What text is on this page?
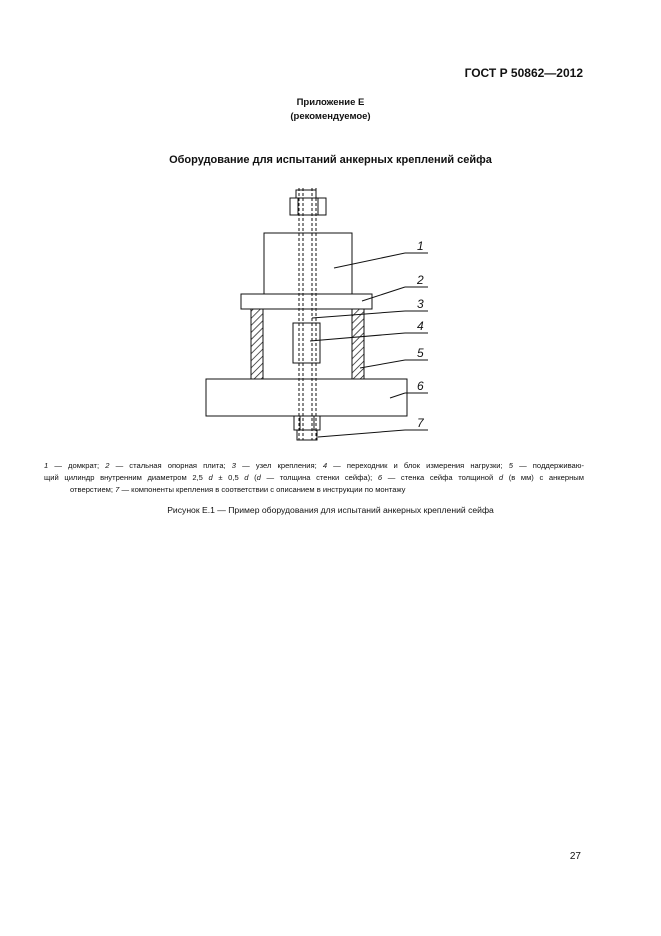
ГОСТ Р 50862—2012
Приложение Е
(рекомендуемое)
Оборудование для испытаний анкерных креплений сейфа
1
2
3
4
5
6
7
1 — домкрат; 2 — стальная опорная плита; 3 — узел крепления; 4 — переходник и блок измерения нагрузки; 5 — поддерживаю-
щий цилиндр внутренним диаметром 2,5 d ± 0,5 d (d — толщина стенки сейфа); 6 — стенка сейфа толщиной d (в мм) с анкерным
отверстием; 7 — компоненты крепления в соответствии с описанием в инструкции по монтажу
Рисунок Е.1 — Пример оборудования для испытаний анкерных креплений сейфа
27
